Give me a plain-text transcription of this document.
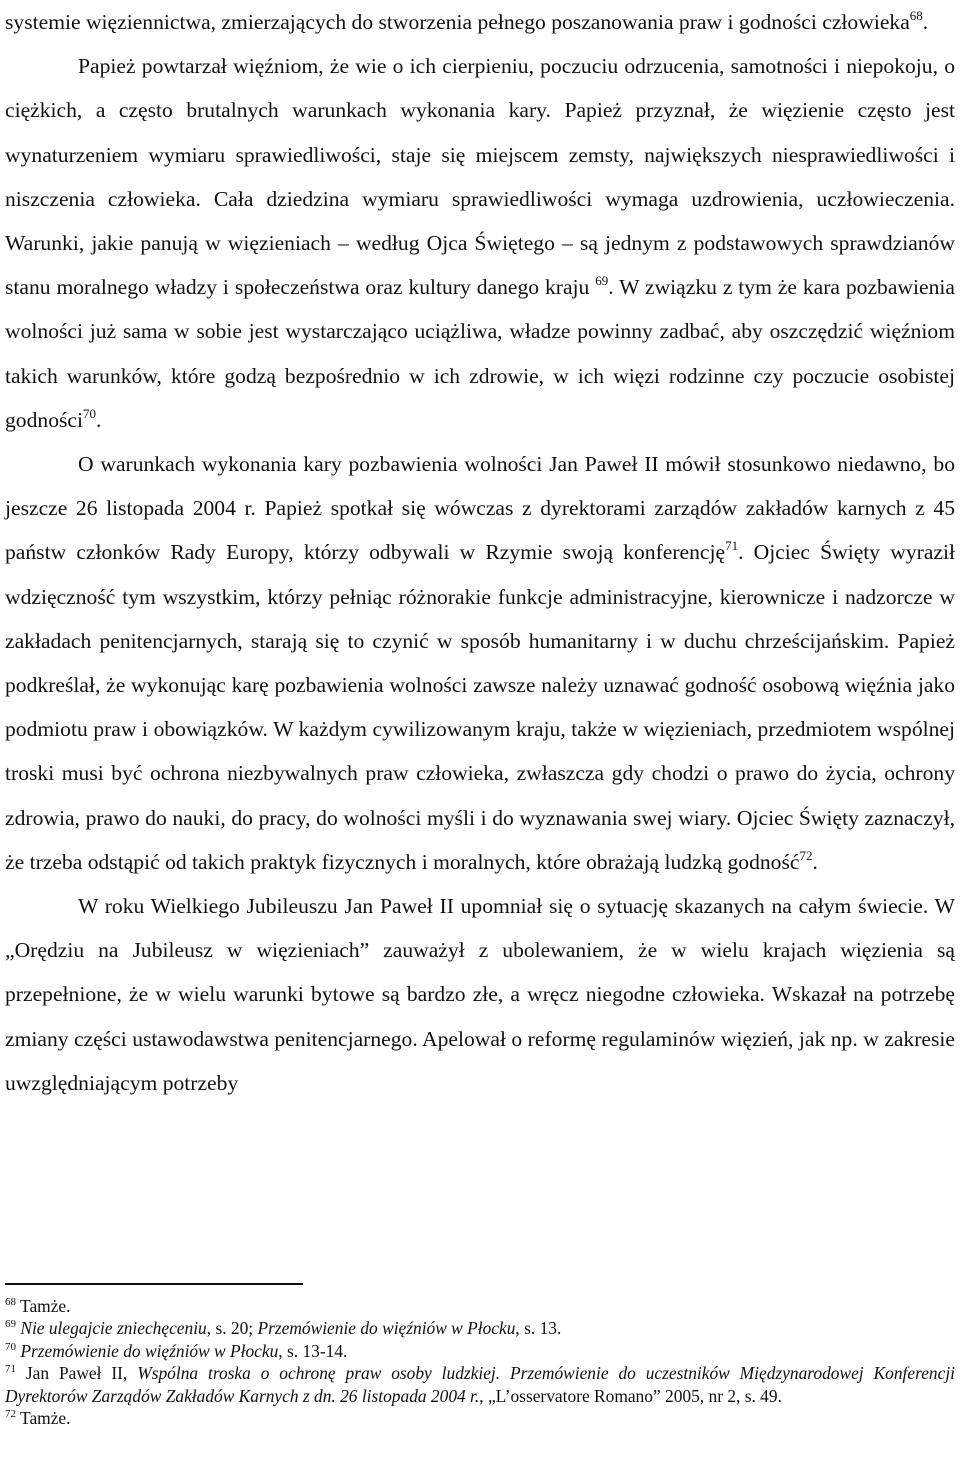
systemie więziennictwa, zmierzających do stworzenia pełnego poszanowania praw i godności człowieka$^{68}$.

Papież powtarzał więźniom, że wie o ich cierpieniu, poczuciu odrzucenia, samotności i niepokoju, o ciężkich, a często brutalnych warunkach wykonania kary. Papież przyznał, że więzienie często jest wynaturzeniem wymiaru sprawiedliwości, staje się miejscem zemsty, największych niesprawiedliwości i niszczenia człowieka. Cała dziedzina wymiaru sprawiedliwości wymaga uzdrowienia, uczłowieczenia. Warunki, jakie panują w więzieniach – według Ojca Świętego – są jednym z podstawowych sprawdzianów stanu moralnego władzy i społeczeństwa oraz kultury danego kraju $^{69}$. W związku z tym że kara pozbawienia wolności już sama w sobie jest wystarczająco uciążliwa, władze powinny zadbać, aby oszczędzić więźniom takich warunków, które godzą bezpośrednio w ich zdrowie, w ich więzi rodzinne czy poczucie osobistej godności$^{70}$.

O warunkach wykonania kary pozbawienia wolności Jan Paweł II mówił stosunkowo niedawno, bo jeszcze 26 listopada 2004 r. Papież spotkał się wówczas z dyrektorami zarządów zakładów karnych z 45 państw członków Rady Europy, którzy odbywali w Rzymie swoją konferencję$^{71}$. Ojciec Święty wyraził wdzięczność tym wszystkim, którzy pełniąc różnorakie funkcje administracyjne, kierownicze i nadzorcze w zakładach penitencjarnych, starają się to czynić w sposób humanitarny i w duchu chrześcijańskim. Papież podkreślał, że wykonując karę pozbawienia wolności zawsze należy uznawać godność osobową więźnia jako podmiotu praw i obowiązków. W każdym cywilizowanym kraju, także w więzieniach, przedmiotem wspólnej troski musi być ochrona niezbywalnych praw człowieka, zwłaszcza gdy chodzi o prawo do życia, ochrony zdrowia, prawo do nauki, do pracy, do wolności myśli i do wyznawania swej wiary. Ojciec Święty zaznaczył, że trzeba odstąpić od takich praktyk fizycznych i moralnych, które obrażają ludzką godność$^{72}$.

W roku Wielkiego Jubileuszu Jan Paweł II upomniał się o sytuację skazanych na całym świecie. W „Orędziu na Jubileusz w więzieniach” zauważył z ubolewaniem, że w wielu krajach więzienia są przepełnione, że w wielu warunki bytowe są bardzo złe, a wręcz niegodne człowieka. Wskazał na potrzebę zmiany części ustawodawstwa penitencjarnego. Apelował o reformę regulaminów więzień, jak np. w zakresie uwzględniającym potrzeby

$^{68}$ Tamże.

$^{69}$ Nie ulegajcie zniechęceniu, s. 20; Przemówienie do więźniów w Płocku, s. 13.

$^{70}$ Przemówienie do więźniów w Płocku, s. 13-14.

$^{71}$ Jan Paweł II, Wspólna troska o ochronę praw osoby ludzkiej. Przemówienie do uczestników Międzynarodowej Konferencji Dyrektorów Zarządów Zakładów Karnych z dn. 26 listopada 2004 r., „L’osservatore Romano” 2005, nr 2, s. 49.

$^{72}$ Tamże.
